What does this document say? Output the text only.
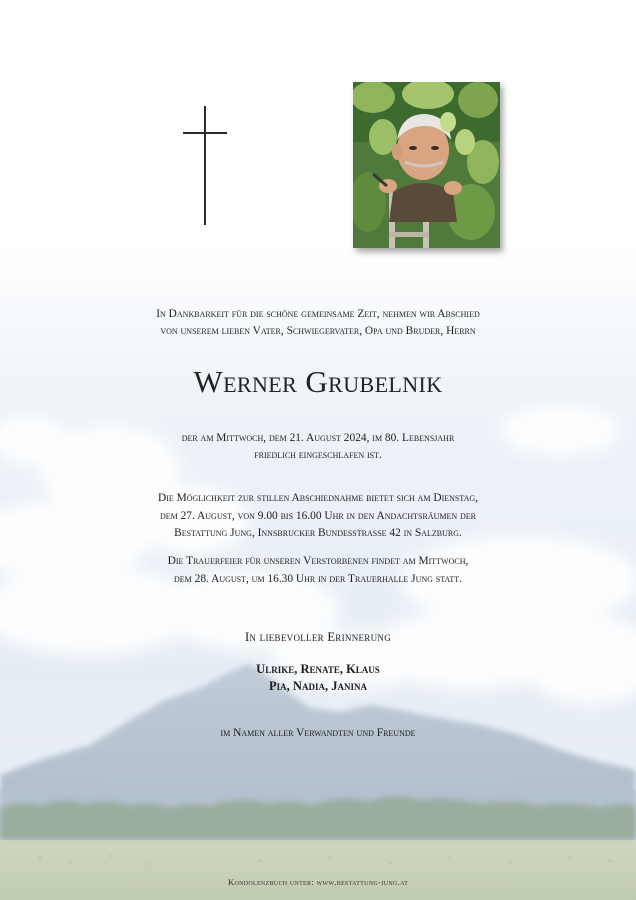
In Dankbarkeit für die schöne gemeinsame Zeit, nehmen wir Abschied
von unserem lieben Vater, Schwiegervater, Opa und Bruder, Herrn
Werner Grubelnik
der am Mittwoch, dem 21. August 2024, im 80. Lebensjahr
friedlich eingeschlafen ist.
Die Möglichkeit zur stillen Abschiednahme bietet sich am Dienstag,
dem 27. August, von 9.00 bis 16.00 Uhr in den Andachtsräumen der
Bestattung Jung, Innsbrucker Bundesstrasse 42 in Salzburg.
Die Trauerfeier für unseren Verstorbenen findet am Mittwoch,
dem 28. August, um 16.30 Uhr in der Trauerhalle Jung statt.
In liebevoller Erinnerung
Ulrike, Renate, Klaus
Pia, Nadia, Janina
im Namen aller Verwandten und Freunde
Kondolenzbuch unter: www.bestattung-jung.at
